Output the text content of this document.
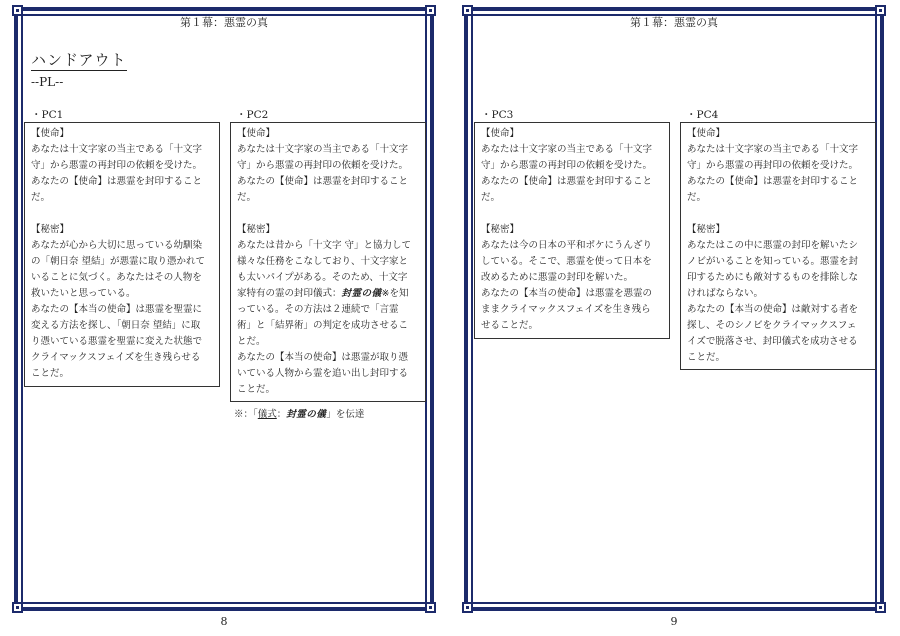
第１幕：悪霊の真
ハンドアウト
--PL--
・PC1

【使命】

あなたは十文字家の当主である「十文字

守」から悪霊の再封印の依頼を受けた。

あなたの【使命】は悪霊を封印すること

だ。

【秘密】

あなたが心から大切に思っている幼馴染

の「朝日奈 望結」が悪霊に取り憑かれて

いることに気づく。あなたはその人物を

救いたいと思っている。

あなたの【本当の使命】は悪霊を聖霊に

変える方法を探し、「朝日奈 望結」に取

り憑いている悪霊を聖霊に変えた状態で

クライマックスフェイズを生き残らせる

ことだ。

・PC2

【使命】

あなたは十文字家の当主である「十文字

守」から悪霊の再封印の依頼を受けた。

あなたの【使命】は悪霊を封印すること

だ。

【秘密】

あなたは昔から「十文字 守」と協力して

様々な任務をこなしており、十文字家と

も太いパイプがある。そのため、十文字

家特有の霊の封印儀式：封霊の儀※を知

っている。その方法は２連続で「言霊

術」と「結界術」の判定を成功させるこ

とだ。

あなたの【本当の使命】は悪霊が取り憑

いている人物から霊を追い出し封印する

ことだ。

※：「儀式：封霊の儀」を伝達
8
第１幕：悪霊の真
・PC3

【使命】

あなたは十文字家の当主である「十文字

守」から悪霊の再封印の依頼を受けた。

あなたの【使命】は悪霊を封印すること

だ。

【秘密】

あなたは今の日本の平和ボケにうんざり

している。そこで、悪霊を使って日本を

改めるために悪霊の封印を解いた。

あなたの【本当の使命】は悪霊を悪霊の

ままクライマックスフェイズを生き残ら

せることだ。

・PC4

【使命】

あなたは十文字家の当主である「十文字

守」から悪霊の再封印の依頼を受けた。

あなたの【使命】は悪霊を封印すること

だ。

【秘密】

あなたはこの中に悪霊の封印を解いたシ

ノビがいることを知っている。悪霊を封

印するためにも敵対するものを排除しな

ければならない。

あなたの【本当の使命】は敵対する者を

探し、そのシノビをクライマックスフェ

イズで脱落させ、封印儀式を成功させる

ことだ。

9
